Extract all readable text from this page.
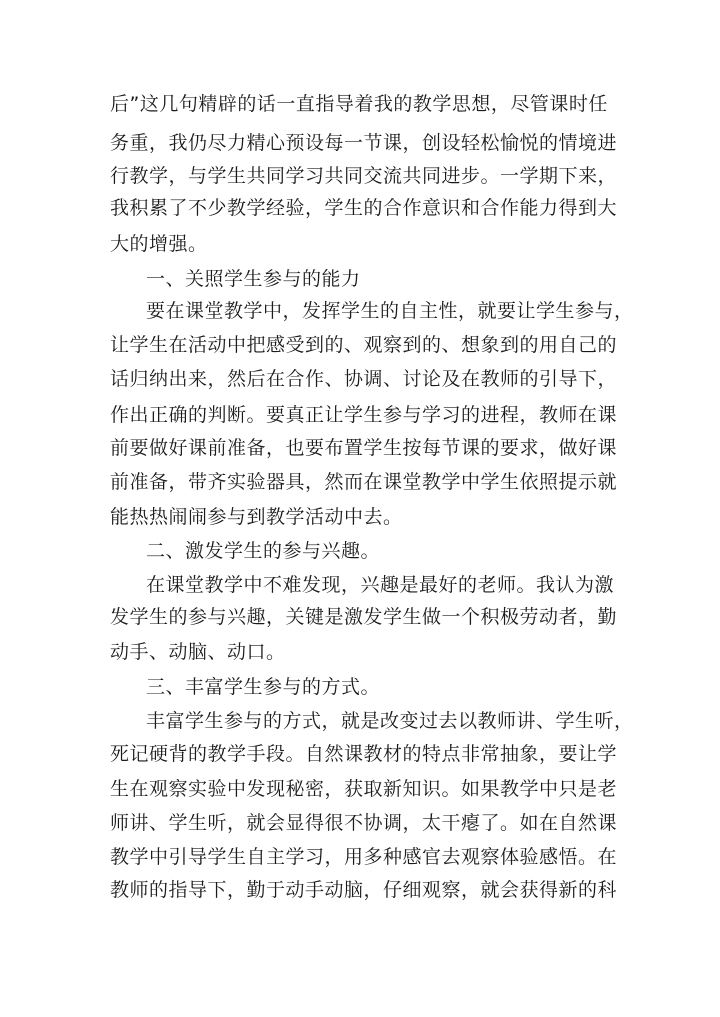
后”这几句精辟的话一直指导着我的教学思想，尽管课时任
务重，我仍尽力精心预设每一节课，创设轻松愉悦的情境进
行教学，与学生共同学习共同交流共同进步。一学期下来，
我积累了不少教学经验，学生的合作意识和合作能力得到大
大的增强。
一、关照学生参与的能力
要在课堂教学中，发挥学生的自主性，就要让学生参与，
让学生在活动中把感受到的、观察到的、想象到的用自己的
话归纳出来，然后在合作、协调、讨论及在教师的引导下，
作出正确的判断。要真正让学生参与学习的进程，教师在课
前要做好课前准备，也要布置学生按每节课的要求，做好课
前准备，带齐实验器具，然而在课堂教学中学生依照提示就
能热热闹闹参与到教学活动中去。
二、激发学生的参与兴趣。
在课堂教学中不难发现，兴趣是最好的老师。我认为激
发学生的参与兴趣，关键是激发学生做一个积极劳动者，勤
动手、动脑、动口。
三、丰富学生参与的方式。
丰富学生参与的方式，就是改变过去以教师讲、学生听，
死记硬背的教学手段。自然课教材的特点非常抽象，要让学
生在观察实验中发现秘密，获取新知识。如果教学中只是老
师讲、学生听，就会显得很不协调，太干瘪了。如在自然课
教学中引导学生自主学习，用多种感官去观察体验感悟。在
教师的指导下，勤于动手动脑，仔细观察，就会获得新的科
